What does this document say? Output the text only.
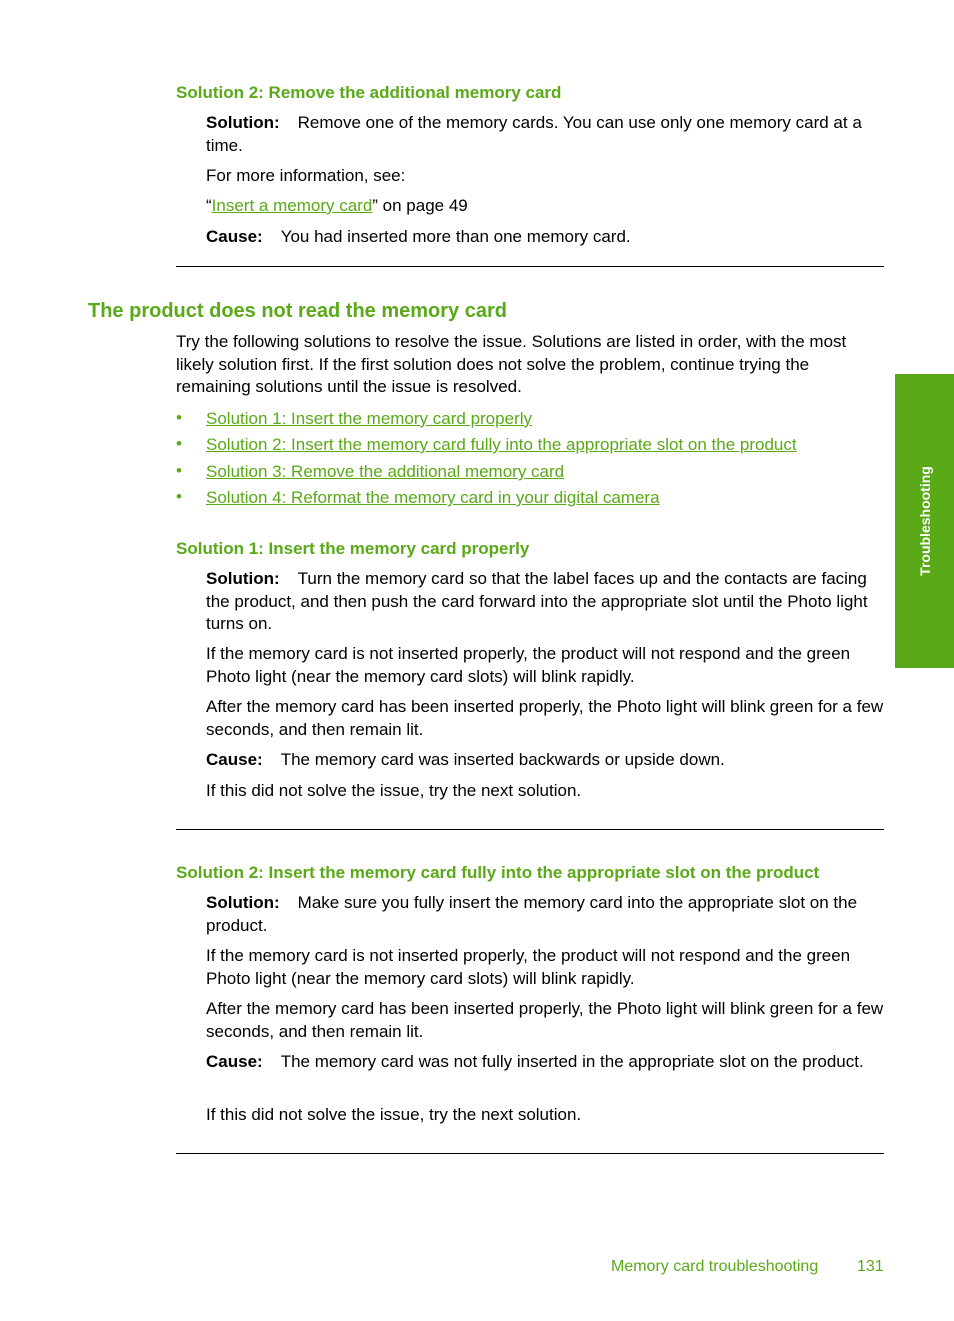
Solution 2: Remove the additional memory card
Solution: Remove one of the memory cards. You can use only one memory card at a time.
For more information, see:
“Insert a memory card” on page 49
Cause: You had inserted more than one memory card.
The product does not read the memory card
Try the following solutions to resolve the issue. Solutions are listed in order, with the most likely solution first. If the first solution does not solve the problem, continue trying the remaining solutions until the issue is resolved.
• Solution 1: Insert the memory card properly
• Solution 2: Insert the memory card fully into the appropriate slot on the product
• Solution 3: Remove the additional memory card
• Solution 4: Reformat the memory card in your digital camera
Solution 1: Insert the memory card properly
Solution: Turn the memory card so that the label faces up and the contacts are facing the product, and then push the card forward into the appropriate slot until the Photo light turns on.
If the memory card is not inserted properly, the product will not respond and the green Photo light (near the memory card slots) will blink rapidly.
After the memory card has been inserted properly, the Photo light will blink green for a few seconds, and then remain lit.
Cause: The memory card was inserted backwards or upside down.
If this did not solve the issue, try the next solution.
Solution 2: Insert the memory card fully into the appropriate slot on the product
Solution: Make sure you fully insert the memory card into the appropriate slot on the product.
If the memory card is not inserted properly, the product will not respond and the green Photo light (near the memory card slots) will blink rapidly.
After the memory card has been inserted properly, the Photo light will blink green for a few seconds, and then remain lit.
Cause: The memory card was not fully inserted in the appropriate slot on the product.
If this did not solve the issue, try the next solution.
Troubleshooting
Memory card troubleshooting 131
